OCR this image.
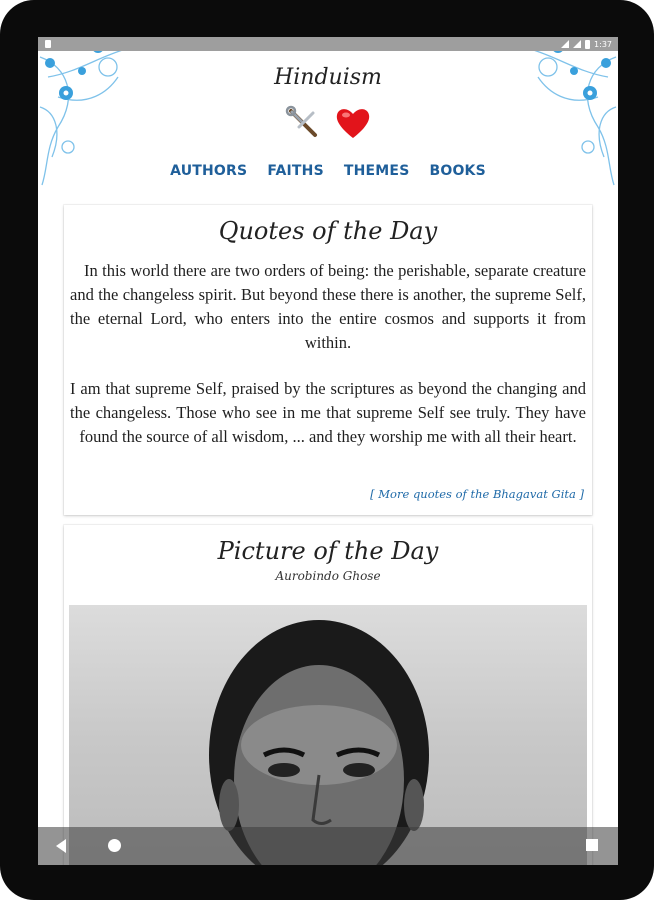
1:37
Hinduism
AUTHORS FAITHS THEMES BOOKS
Quotes of the Day

In this world there are two orders of being: the perishable, separate creature and the changeless spirit. But beyond these there is another, the supreme Self, the eternal Lord, who enters into the entire cosmos and supports it from within.

I am that supreme Self, praised by the scriptures as beyond the changing and the changeless. Those who see in me that supreme Self see truly. They have found the source of all wisdom, ... and they worship me with all their heart.

[ More quotes of the Bhagavat Gita ]
Picture of the Day
Aurobindo Ghose
